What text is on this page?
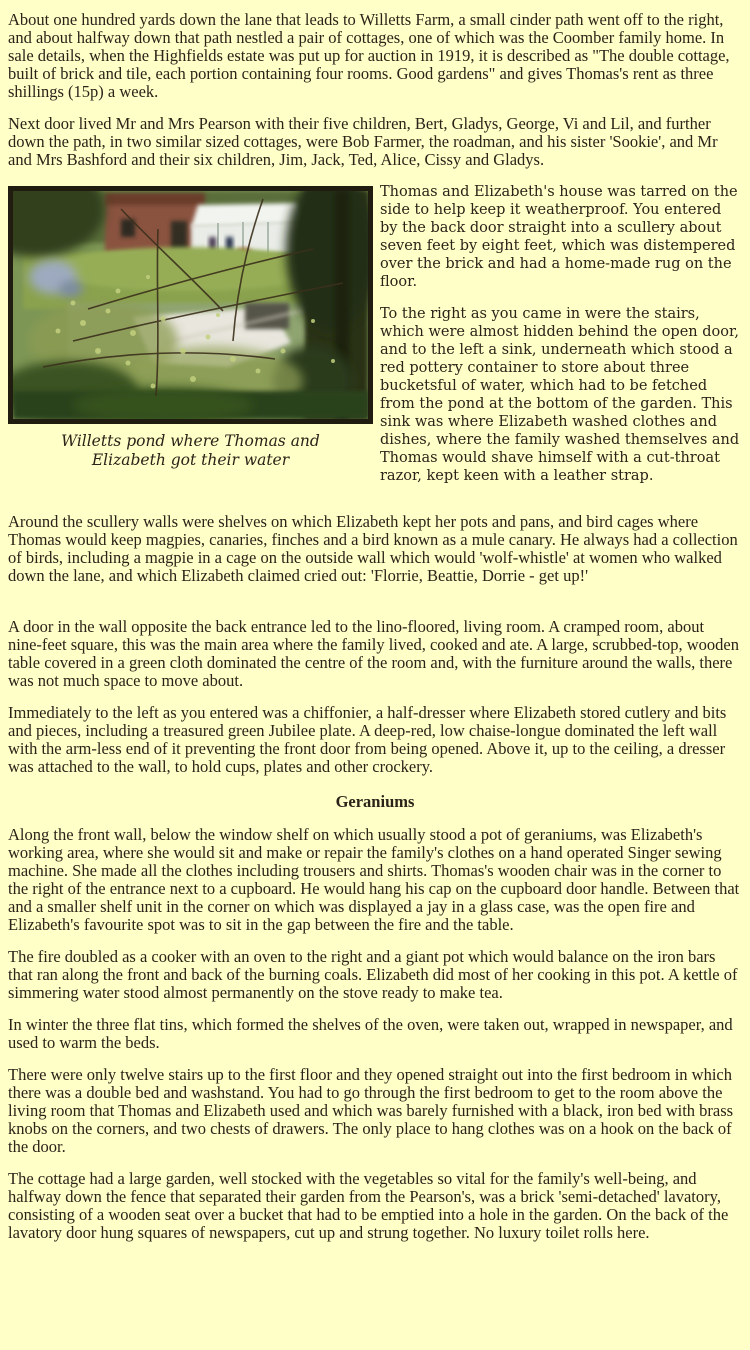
About one hundred yards down the lane that leads to Willetts Farm, a small cinder path went off to the right, and about halfway down that path nestled a pair of cottages, one of which was the Coomber family home. In sale details, when the Highfields estate was put up for auction in 1919, it is described as "The double cottage, built of brick and tile, each portion containing four rooms. Good gardens" and gives Thomas's rent as three shillings (15p) a week.

Next door lived Mr and Mrs Pearson with their five children, Bert, Gladys, George, Vi and Lil, and further down the path, in two similar sized cottages, were Bob Farmer, the roadman, and his sister 'Sookie', and Mr and Mrs Bashford and their six children, Jim, Jack, Ted, Alice, Cissy and Gladys.

Willetts pond where Thomas and
Elizabeth got their water

Thomas and Elizabeth's house was tarred on the side to help keep it weatherproof. You entered by the back door straight into a scullery about seven feet by eight feet, which was distempered over the brick and had a home-made rug on the floor.

To the right as you came in were the stairs, which were almost hidden behind the open door, and to the left a sink, underneath which stood a red pottery container to store about three bucketsful of water, which had to be fetched from the pond at the bottom of the garden. This sink was where Elizabeth washed clothes and dishes, where the family washed themselves and Thomas would shave himself with a cut-throat razor, kept keen with a leather strap.

Around the scullery walls were shelves on which Elizabeth kept her pots and pans, and bird cages where Thomas would keep magpies, canaries, finches and a bird known as a mule canary. He always had a collection of birds, including a magpie in a cage on the outside wall which would 'wolf-whistle' at women who walked down the lane, and which Elizabeth claimed cried out: 'Florrie, Beattie, Dorrie - get up!'

A door in the wall opposite the back entrance led to the lino-floored, living room. A cramped room, about nine-feet square, this was the main area where the family lived, cooked and ate. A large, scrubbed-top, wooden table covered in a green cloth dominated the centre of the room and, with the furniture around the walls, there was not much space to move about.

Immediately to the left as you entered was a chiffonier, a half-dresser where Elizabeth stored cutlery and bits and pieces, including a treasured green Jubilee plate. A deep-red, low chaise-longue dominated the left wall with the arm-less end of it preventing the front door from being opened. Above it, up to the ceiling, a dresser was attached to the wall, to hold cups, plates and other crockery.

Geraniums

Along the front wall, below the window shelf on which usually stood a pot of geraniums, was Elizabeth's working area, where she would sit and make or repair the family's clothes on a hand operated Singer sewing machine. She made all the clothes including trousers and shirts. Thomas's wooden chair was in the corner to the right of the entrance next to a cupboard. He would hang his cap on the cupboard door handle. Between that and a smaller shelf unit in the corner on which was displayed a jay in a glass case, was the open fire and Elizabeth's favourite spot was to sit in the gap between the fire and the table.

The fire doubled as a cooker with an oven to the right and a giant pot which would balance on the iron bars that ran along the front and back of the burning coals. Elizabeth did most of her cooking in this pot. A kettle of simmering water stood almost permanently on the stove ready to make tea.

In winter the three flat tins, which formed the shelves of the oven, were taken out, wrapped in newspaper, and used to warm the beds.

There were only twelve stairs up to the first floor and they opened straight out into the first bedroom in which there was a double bed and washstand. You had to go through the first bedroom to get to the room above the living room that Thomas and Elizabeth used and which was barely furnished with a black, iron bed with brass knobs on the corners, and two chests of drawers. The only place to hang clothes was on a hook on the back of the door.

The cottage had a large garden, well stocked with the vegetables so vital for the family's well-being, and halfway down the fence that separated their garden from the Pearson's, was a brick 'semi-detached' lavatory, consisting of a wooden seat over a bucket that had to be emptied into a hole in the garden. On the back of the lavatory door hung squares of newspapers, cut up and strung together. No luxury toilet rolls here.
